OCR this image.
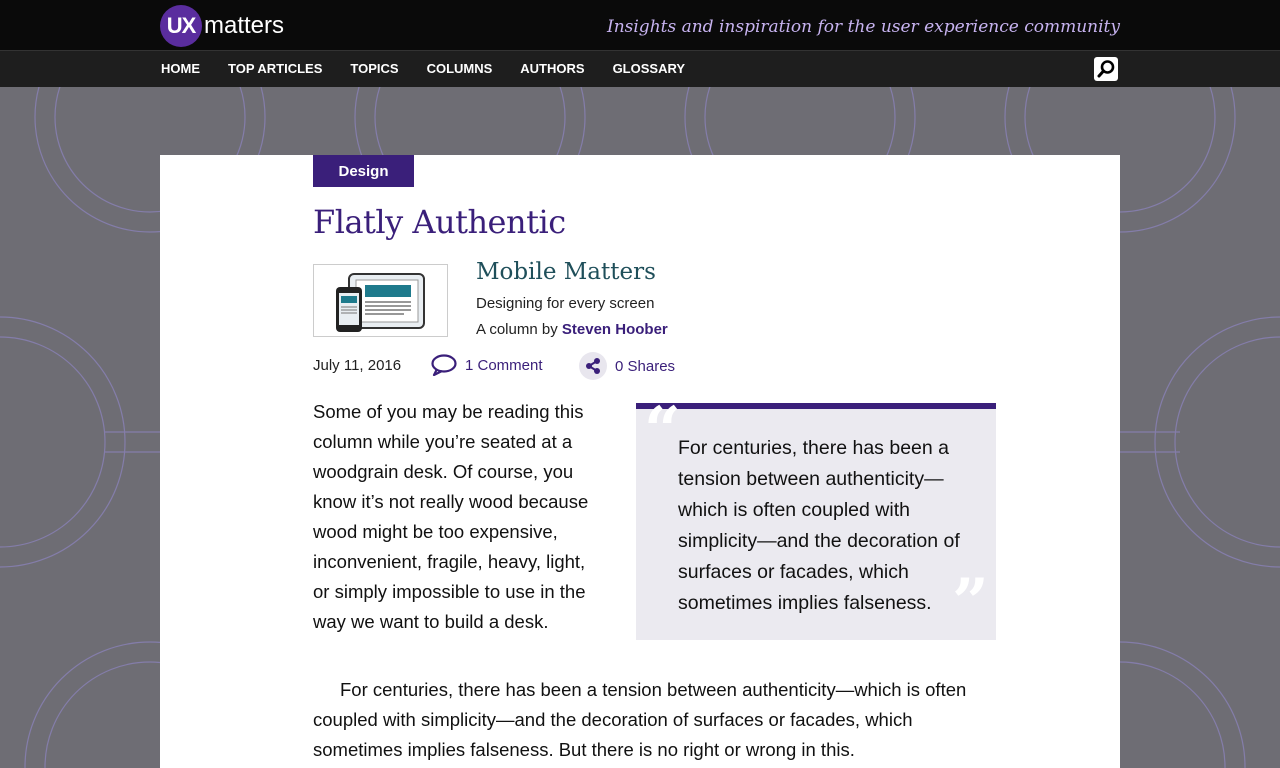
UX matters	Insights and inspiration for the user experience community
HOME TOP ARTICLES TOPICS COLUMNS AUTHORS GLOSSARY
Design
Flatly Authentic
Mobile Matters
Designing for every screen
A column by Steven Hoober
July 11, 2016	1 Comment	0 Shares

Some of you may be reading this column while you’re seated at a woodgrain desk. Of course, you know it’s not really wood because wood might be too expensive, inconvenient, fragile, heavy, light, or simply impossible to use in the way we want to build a desk.

“
For centuries, there has been a tension between authenticity—which is often coupled with simplicity—and the decoration of surfaces or facades, which sometimes implies falseness. ”

For centuries, there has been a tension between authenticity—which is often coupled with simplicity—and the decoration of surfaces or facades, which sometimes implies falseness. But there is no right or wrong in this.
